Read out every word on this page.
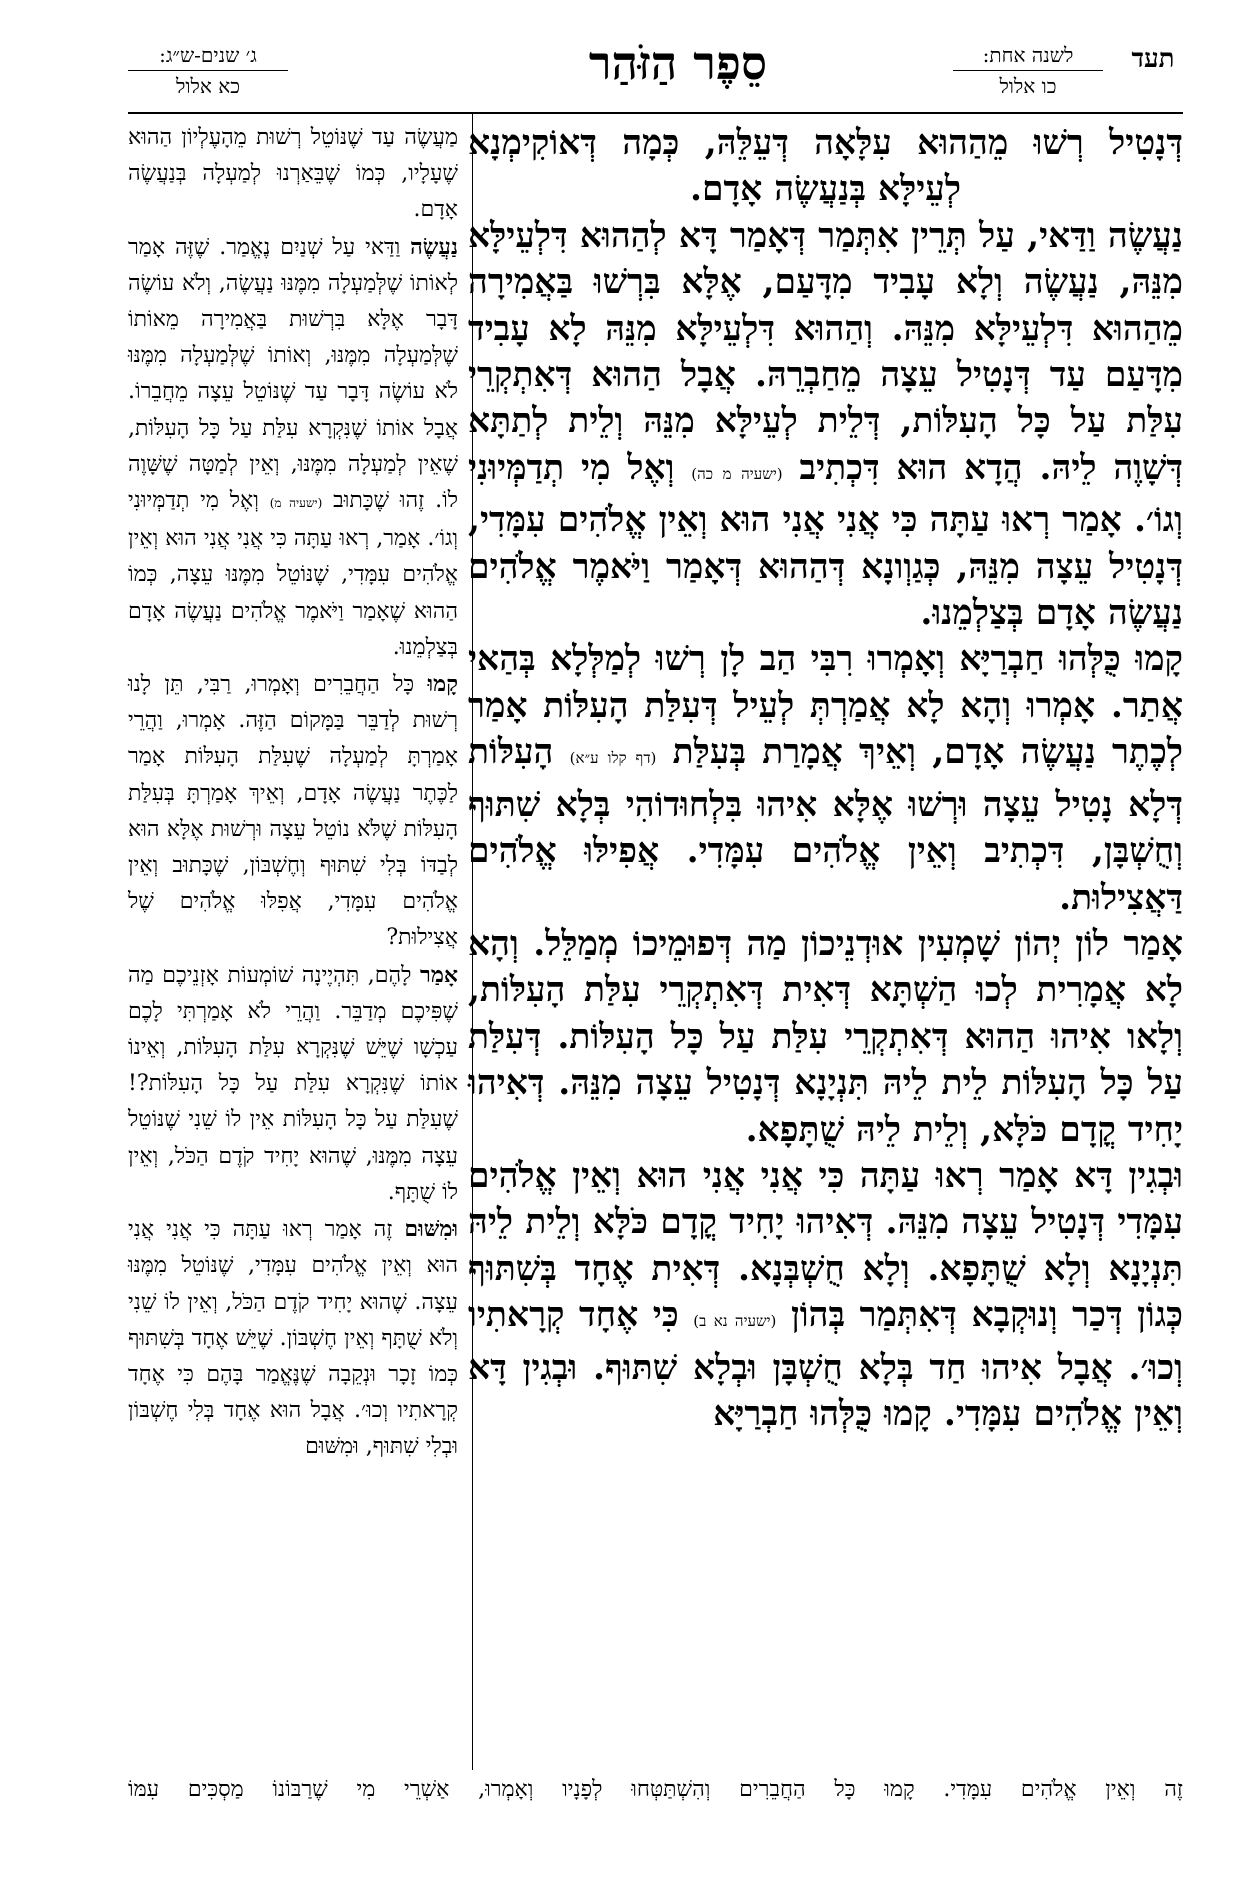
תעד
לשנה אחת:
כו אלול
סֵפֶר הַזֹּהַר
ג׳ שנים-ש״ג:
כא אלול

דְּנָטִיל רְשׁוּ מֵהַהוּא עִלָּאָה דְּעֵלֵּהּ, כְּמָה דְּאוֹקִימְנָא לְעֵילָּא בְּנַעֲשֶׂה אָדָם.

נַעֲשֶׂה וַדַּאי, עַל תְּרֵין אִתְּמַר דְּאָמַר דָּא לְהַהוּא דִּלְעֵילָּא מִנֵּהּ, נַעֲשֶׂה וְלָא עָבִיד מִדָּעַם, אֶלָּא בִּרְשׁוּ בַּאֲמִירָה מֵהַהוּא דִּלְעֵילָּא מִנֵּהּ. וְהַהוּא דִּלְעֵילָּא מִנֵּהּ לָא עָבִיד מִדָּעַם עַד דְּנָטִיל עֵצָה מֵחַבְרֵהּ. אֲבָל הַהוּא דְּאִתְקְרֵי עִלַּת עַל כָּל הָעִלּוֹת, דְּלֵית לְעֵילָּא מִנֵּהּ וְלֵית לְתַתָּא דְּשָׁוֶה לֵיהּ. הֲדָא הוּא דִּכְתִיב (ישעיה מ כה) וְאֶל מִי תְדַמְּיוּנִי וְגוֹ׳. אָמַר רְאוּ עַתָּה כִּי אֲנִי אֲנִי הוּא וְאֵין אֱלֹהִים עִמָּדִי, דְּנָטִיל עֵצָה מִנֵּהּ, כְּגַוְונָא דְּהַהוּא דְּאָמַר וַיֹּאמֶר אֱלֹהִים נַעֲשֶׂה אָדָם בְּצַלְמֵנוּ.

קָמוּ כֻּלְּהוּ חַבְרַיָּא וְאָמְרוּ רִבִּי הַב לָן רְשׁוּ לְמַלְּלָא בְּהַאי אֲתַר. אָמְרוּ וְהָא לָא אֲמַרְתְּ לְעֵיל דְּעִלַּת הָעִלּוֹת אָמַר לְכֶתֶר נַעֲשֶׂה אָדָם, וְאֵיךְ אֲמָרַת בְּעִלַּת (דף קלו ע״א) הָעִלּוֹת דְּלָא נָטִיל עֵצָה וּרְשׁוּ אֶלָּא אִיהוּ בִּלְחוּדוֹהִי בְּלָא שִׁתּוּף וְחֻשְׁבָּן, דִּכְתִיב וְאֵין אֱלֹהִים עִמָּדִי. אֲפִילּוּ אֱלֹהִים דַּאֲצִילוּת.

אָמַר לוֹן יְהוֹן שָׁמְעִין אוּדְנֵיכוֹן מַה דְּפוּמֵיכוֹ מְמַלֵּל. וְהָא לָא אֲמָרִית לְכוּ הַשְׁתָּא דְּאִית דְּאִתְקְרֵי עִלַּת הָעִלּוֹת, וְלָאו אִיהוּ הַהוּא דְּאִתְקְרֵי עִלַּת עַל כָּל הָעִלּוֹת. דְּעִלַּת עַל כָּל הָעִלּוֹת לֵית לֵיהּ תִּנְיָנָא דְּנָטִיל עֵצָה מִנֵּהּ. דְּאִיהוּ יָחִיד קֳדָם כֹּלָּא, וְלֵית לֵיהּ שֻׁתָּפָא.

וּבְגִין דָּא אָמַר רְאוּ עַתָּה כִּי אֲנִי אֲנִי הוּא וְאֵין אֱלֹהִים עִמָּדִי דְּנָטִיל עֵצָה מִנֵּהּ. דְּאִיהוּ יָחִיד קֳדָם כֹּלָּא וְלֵית לֵיהּ תִּנְיָנָא וְלָא שֻׁתָּפָא. וְלָא חֻשְׁבְּנָא. דְּאִית אֶחָד בְּשִׁתּוּף כְּגוֹן דְּכַר וְנוּקְבָא דְּאִתְּמַר בְּהוֹן (ישעיה נא ב) כִּי אֶחָד קְרָאתִיו וְכוּ׳. אֲבָל אִיהוּ חַד בְּלָא חֻשְׁבָּן וּבְלָא שִׁתּוּף. וּבְגִין דָּא וְאֵין אֱלֹהִים עִמָּדִי. קָמוּ כֻּלְּהוּ חַבְרַיָּא

מַעֲשֶׂה עַד שֶׁנּוֹטֵל רְשׁוּת מֵהָעֶלְיוֹן הַהוּא שֶׁעָלָיו, כְּמוֹ שֶׁבֵּאַרְנוּ לְמַעְלָה בְּנַעֲשֶׂה אָדָם.

נַעֲשֶׂה וַדַּאי עַל שְׁנַיִם נֶאֱמַר. שֶׁזֶּה אָמַר לְאוֹתוֹ שֶׁלְּמַעְלָה מִמֶּנּוּ נַעֲשֶׂה, וְלֹא עוֹשֶׂה דָּבָר אֶלָּא בִּרְשׁוּת בַּאֲמִירָה מֵאוֹתוֹ שֶׁלְּמַעְלָה מִמֶּנּוּ, וְאוֹתוֹ שֶׁלְּמַעְלָה מִמֶּנּוּ לֹא עוֹשֶׂה דָּבָר עַד שֶׁנּוֹטֵל עֵצָה מֵחֲבֵרוֹ. אֲבָל אוֹתוֹ שֶׁנִּקְרָא עִלַּת עַל כָּל הָעִלּוֹת, שֶׁאֵין לְמַעְלָה מִמֶּנּוּ, וְאֵין לְמַטָּה שֶׁשָּׁוֶה לוֹ. זֶהוּ שֶׁכָּתוּב (ישעיה מ) וְאֶל מִי תְדַמְּיוּנִי וְגוֹ׳. אָמַר, רְאוּ עַתָּה כִּי אֲנִי אֲנִי הוּא וְאֵין אֱלֹהִים עִמָּדִי, שֶׁנּוֹטֵל מִמֶּנּוּ עֵצָה, כְּמוֹ הַהוּא שֶׁאָמַר וַיֹּאמֶר אֱלֹהִים נַעֲשֶׂה אָדָם בְּצַלְמֵנוּ.

קָמוּ כָּל הַחֲבֵרִים וְאָמְרוּ, רַבִּי, תֵּן לָנוּ רְשׁוּת לְדַבֵּר בַּמָּקוֹם הַזֶּה. אָמְרוּ, וַהֲרֵי אָמַרְתָּ לְמַעְלָה שֶׁעִלַּת הָעִלּוֹת אָמַר לַכֶּתֶר נַעֲשֶׂה אָדָם, וְאֵיךְ אָמַרְתָּ בְּעִלַּת הָעִלּוֹת שֶׁלֹּא נוֹטֵל עֵצָה וּרְשׁוּת אֶלָּא הוּא לְבַדּוֹ בְּלִי שִׁתּוּף וְחֶשְׁבּוֹן, שֶׁכָּתוּב וְאֵין אֱלֹהִים עִמָּדִי, אֲפִלּוּ אֱלֹהִים שֶׁל אֲצִילוּת?

אָמַר לָהֶם, תִּהְיֶינָה שׁוֹמְעוֹת אָזְנֵיכֶם מַה שֶׁפִּיכֶם מְדַבֵּר. וַהֲרֵי לֹא אָמַרְתִּי לָכֶם עַכְשָׁו שֶׁיֵּשׁ שֶׁנִּקְרָא עִלַּת הָעִלּוֹת, וְאֵינוֹ אוֹתוֹ שֶׁנִּקְרָא עִלַּת עַל כָּל הָעִלּוֹת?! שֶׁעִלַּת עַל כָּל הָעִלּוֹת אֵין לוֹ שֵׁנִי שֶׁנּוֹטֵל עֵצָה מִמֶּנּוּ, שֶׁהוּא יָחִיד קֹדֶם הַכֹּל, וְאֵין לוֹ שֻׁתָּף.

וּמִשּׁוּם זֶה אָמַר רְאוּ עַתָּה כִּי אֲנִי אֲנִי הוּא וְאֵין אֱלֹהִים עִמָּדִי, שֶׁנּוֹטֵל מִמֶּנּוּ עֵצָה. שֶׁהוּא יָחִיד קֹדֶם הַכֹּל, וְאֵין לוֹ שֵׁנִי וְלֹא שֻׁתָּף וְאֵין חֶשְׁבּוֹן. שֶׁיֵּשׁ אֶחָד בְּשִׁתּוּף כְּמוֹ זָכָר וּנְקֵבָה שֶׁנֶּאֱמַר בָּהֶם כִּי אֶחָד קְרָאתִיו וְכוּ׳. אֲבָל הוּא אֶחָד בְּלִי חֶשְׁבּוֹן וּבְלִי שִׁתּוּף, וּמִשּׁוּם

זֶה וְאֵין אֱלֹהִים עִמָּדִי. קָמוּ כָּל הַחֲבֵרִים וְהִשְׁתַּטְּחוּ לְפָנָיו וְאָמְרוּ, אַשְׁרֵי מִי שֶׁרַבּוֹנוֹ מַסְכִּים עִמּוֹ
